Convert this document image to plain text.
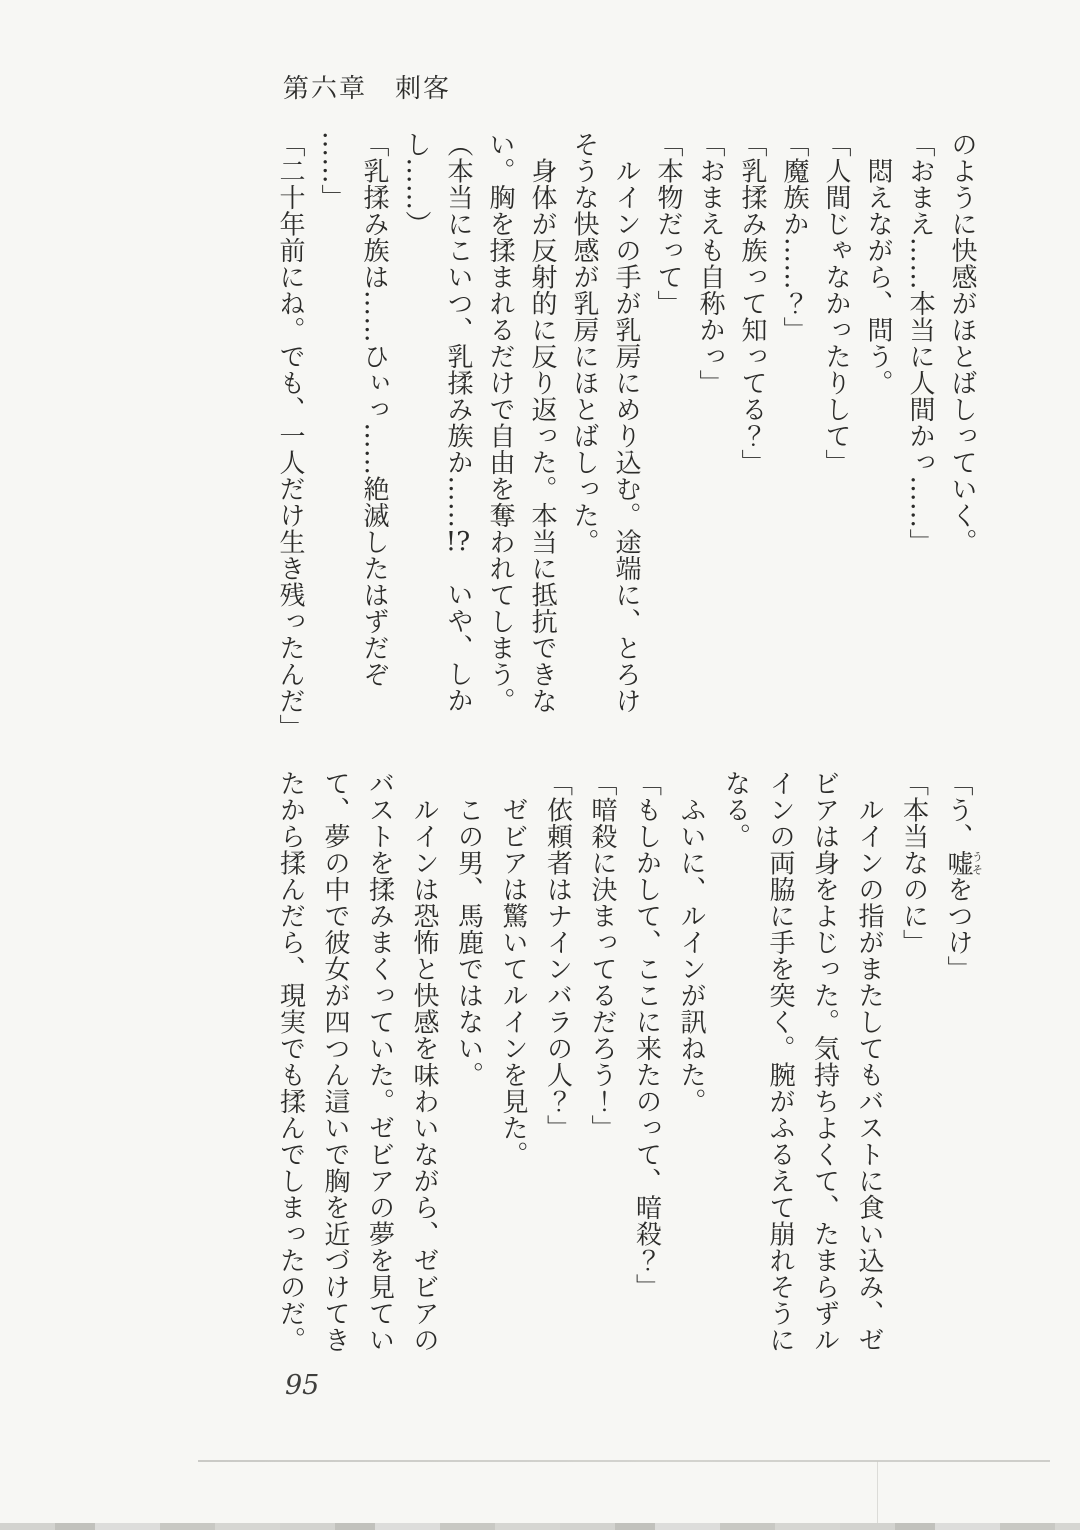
第六章　刺客

のように快感がほとばしっていく。

「おまえ……本当に人間かっ……」

　悶えながら、問う。

「人間じゃなかったりして」

「魔族か……？」

「乳揉み族って知ってる？」

「おまえも自称かっ」

「本物だって」

　ルインの手が乳房にめり込む。途端に、とろけ

そうな快感が乳房にほとばしった。

　身体が反射的に反り返った。本当に抵抗できな

い。胸を揉まれるだけで自由を奪われてしまう。

（本当にこいつ、乳揉み族か……!?　いや、しか

し……）

「乳揉み族は……ひぃっ……絶滅したはずだぞ

……」

「二十年前にね。でも、一人だけ生き残ったんだ」

「う、嘘うそをつけ」

「本当なのに」

　ルインの指がまたしてもバストに食い込み、ゼ

ビアは身をよじった。気持ちよくて、たまらずル

インの両脇に手を突く。腕がふるえて崩れそうに

なる。

　ふいに、ルインが訊ねた。

「もしかして、ここに来たのって、暗殺？」

「暗殺に決まってるだろう！」

「依頼者はナインバラの人？」

　ゼビアは驚いてルインを見た。

　この男、馬鹿ではない。

　ルインは恐怖と快感を味わいながら、ゼビアの

バストを揉みまくっていた。ゼビアの夢を見てい

て、夢の中で彼女が四つん這いで胸を近づけてき

たから揉んだら、現実でも揉んでしまったのだ。

95
